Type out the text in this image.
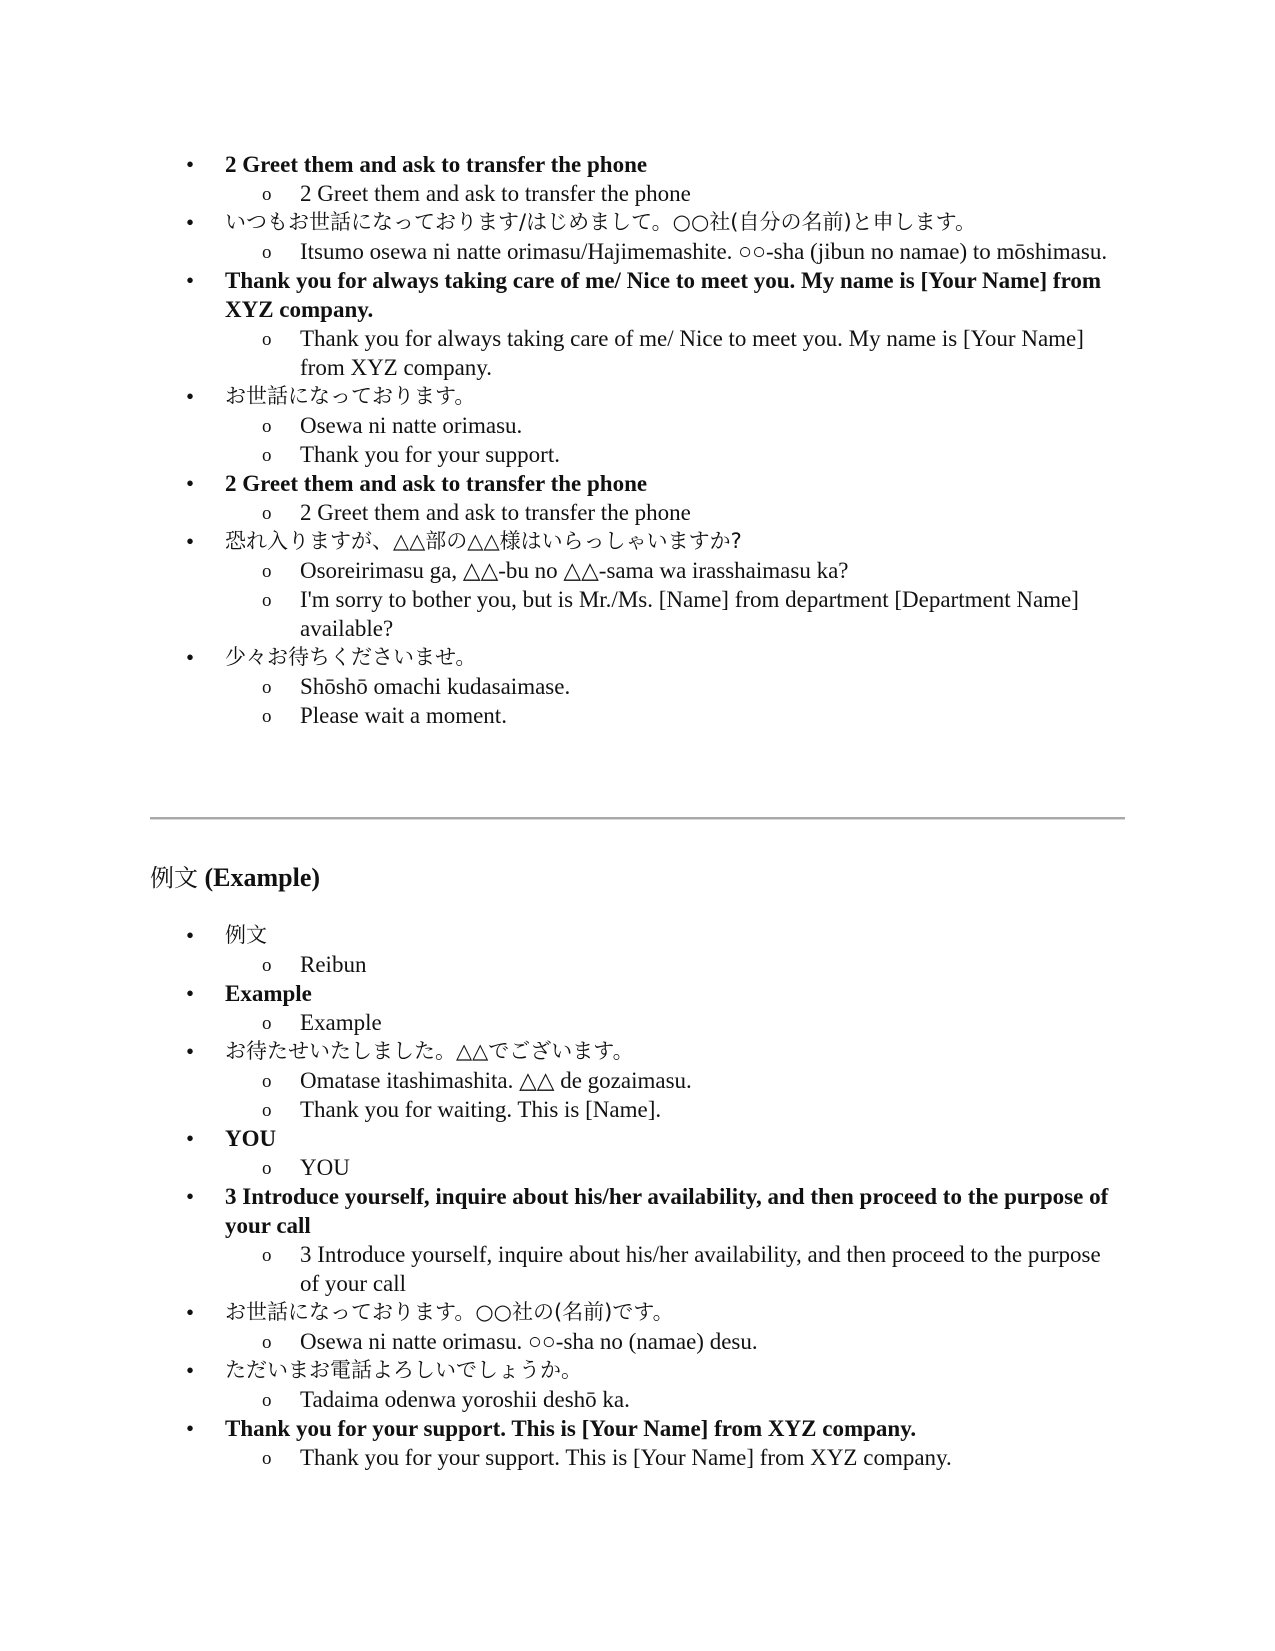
• 2 Greet them and ask to transfer the phone
o 2 Greet them and ask to transfer the phone
• いつもお世話になっております/はじめまして。○○社(自分の名前)と申します。
o Itsumo osewa ni natte orimasu/Hajimemashite. ○○-sha (jibun no namae) to mōshimasu.
• Thank you for always taking care of me/ Nice to meet you. My name is [Your Name] from XYZ company.
o Thank you for always taking care of me/ Nice to meet you. My name is [Your Name] from XYZ company.
• お世話になっております。
o Osewa ni natte orimasu.
o Thank you for your support.
• 2 Greet them and ask to transfer the phone
o 2 Greet them and ask to transfer the phone
• 恐れ入りますが、△△部の△△様はいらっしゃいますか?
o Osoreirimasu ga, △△-bu no △△-sama wa irasshaimasu ka?
o I'm sorry to bother you, but is Mr./Ms. [Name] from department [Department Name] available?
• 少々お待ちくださいませ。
o Shōshō omachi kudasaimase.
o Please wait a moment.
例文 (Example)
• 例文
o Reibun
• Example
o Example
• お待たせいたしました。△△でございます。
o Omatase itashimashita. △△ de gozaimasu.
o Thank you for waiting. This is [Name].
• YOU
o YOU
• 3 Introduce yourself, inquire about his/her availability, and then proceed to the purpose of your call
o 3 Introduce yourself, inquire about his/her availability, and then proceed to the purpose of your call
• お世話になっております。○○社の(名前)です。
o Osewa ni natte orimasu. ○○-sha no (namae) desu.
• ただいまお電話よろしいでしょうか。
o Tadaima odenwa yoroshii deshō ka.
• Thank you for your support. This is [Your Name] from XYZ company.
o Thank you for your support. This is [Your Name] from XYZ company.
